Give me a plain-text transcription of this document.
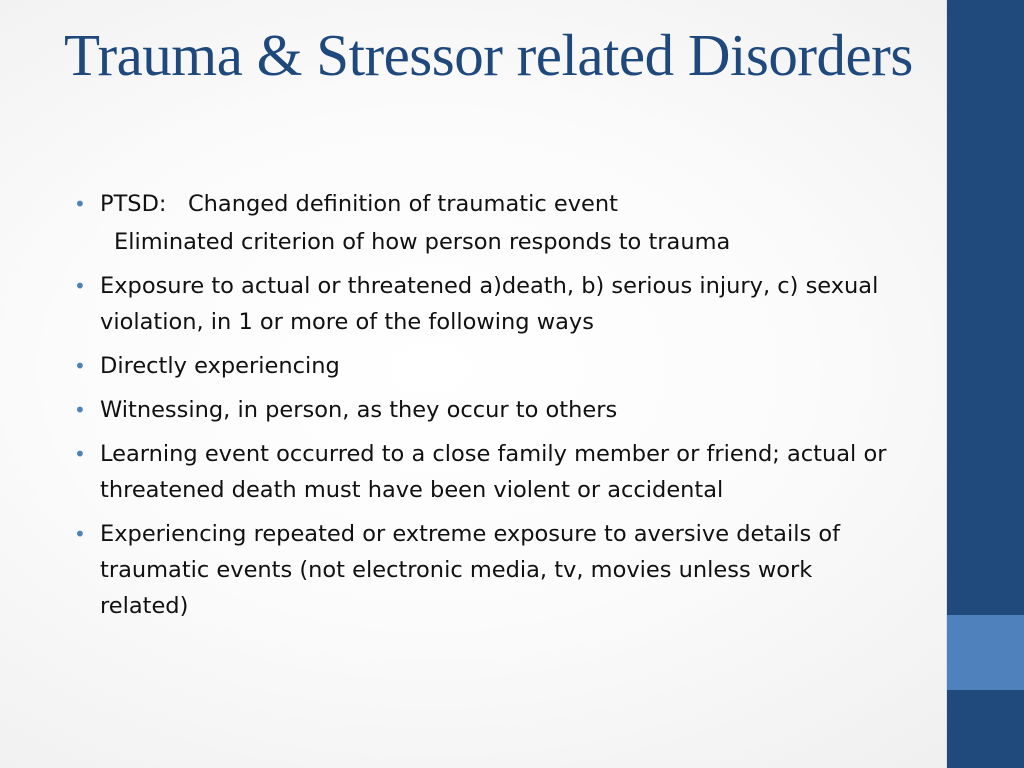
Trauma & Stressor related Disorders
• PTSD:   Changed definition of traumatic event
Eliminated criterion of how person responds to trauma
• Exposure to actual or threatened a)death, b) serious injury, c) sexual violation, in 1 or more of the following ways
• Directly experiencing
• Witnessing, in person, as they occur to others
• Learning event occurred to a close family member or friend; actual or threatened death must have been violent or accidental
• Experiencing repeated or extreme exposure to aversive details of traumatic events (not electronic media, tv, movies unless work related)
